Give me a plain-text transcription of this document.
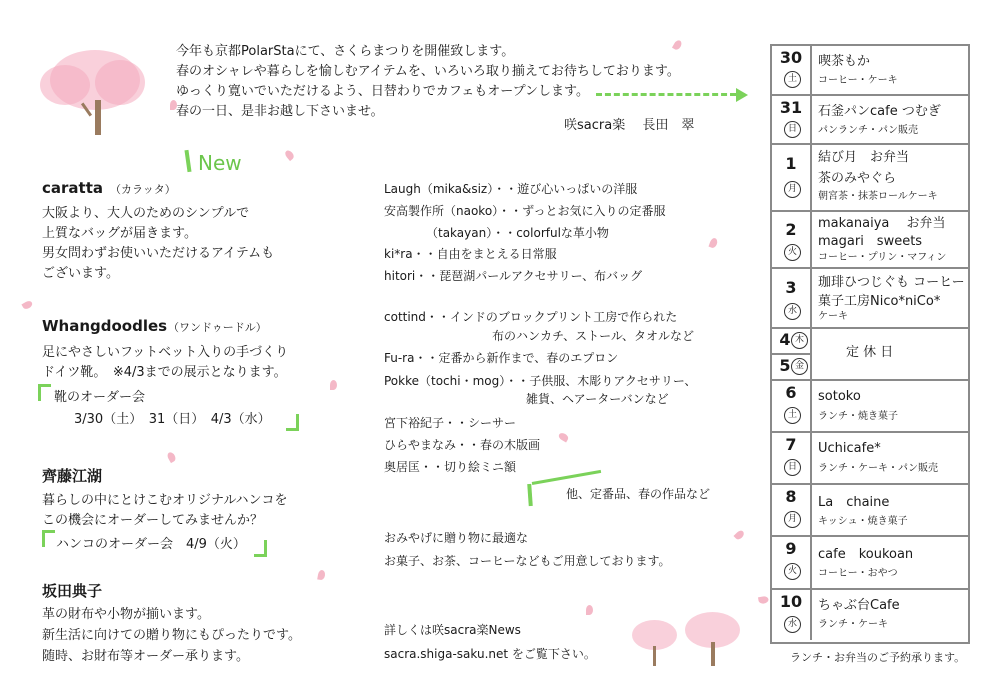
今年も京都PolarStaにて、さくらまつりを開催致します。
春のオシャレや暮らしを愉しむアイテムを、いろいろ取り揃えてお待ちしております。
ゆっくり寛いでいただけるよう、日替わりでカフェもオープンします。
春の一日、是非お越し下さいませ。
咲sacra楽　 長田　翠
New
caratta （カラッタ）
大阪より、大人のためのシンプルで
上質なバッグが届きます。
男女問わずお使いいただけるアイテムも
ございます。
Whangdoodles （ワンドゥードル）
足にやさしいフットベット入りの手づくり
ドイツ靴。　※4/3までの展示となります。
靴のオーダー会
3/30（土）　31（日）　4/3（水）
齊藤江湖
暮らしの中にとけこむオリジナルハンコを
この機会にオーダーしてみませんか？
ハンコのオーダー会　4/9（火）
坂田典子
革の財布や小物が揃います。
新生活に向けての贈り物にもぴったりです。
随時、お財布等オーダー承ります。
Laugh（mika&siz）・・遊び心いっぱいの洋服
安高製作所（naoko）・・ずっとお気に入りの定番服
（takayan）・・colorfulな革小物
ki*ra・・自由をまとえる日常服
hitori・・琵琶湖パールアクセサリー、布バッグ
cottind・・インドのブロックプリント工房で作られた
布のハンカチ、ストール、タオルなど
Fu-ra・・定番から新作まで、春のエプロン
Pokke（tochi・mog）・・子供服、木彫りアクセサリー、
雑貨、ヘアーターバンなど
宮下裕紀子・・シーサー
ひらやまなみ・・春の木版画
奥居匡・・切り絵ミニ額
他、定番品、春の作品など
おみやげに贈り物に最適な
お菓子、お茶、コーヒーなどもご用意しております。
詳しくは咲sacra楽News
sacra.shiga-saku.net をご覧下さい。
30
土
喫茶もか
コーヒー・ケーキ
31
日
石釜パンcafe つむぎ
パンランチ・パン販売
1
月
結び月　お弁当
茶のみやぐら
朝宮茶・抹茶ロールケーキ
2
火
makanaiya　 お弁当
magari　sweets
コーヒー・プリン・マフィン
3
水
珈琲ひつじぐも コーヒー
菓子工房Nico*niCo*
ケーキ
4 木
5 金
定 休 日
6
土
sotoko
ランチ・焼き菓子
7
日
Uchicafe*
ランチ・ケーキ・パン販売
8
月
La　chaine
キッシュ・焼き菓子
9
火
cafe　koukoan
コーヒー・おやつ
10
水
ちゃぶ台Cafe
ランチ・ケーキ
ランチ・お弁当のご予約承ります。
